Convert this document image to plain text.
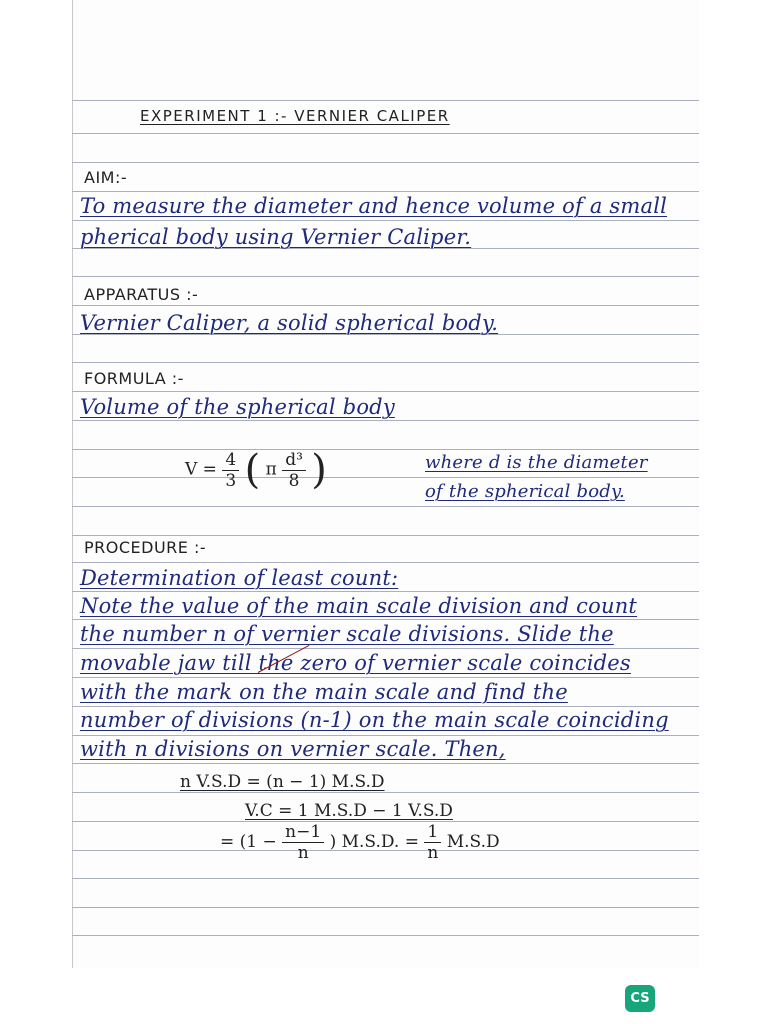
EXPERIMENT 1 :- VERNIER CALIPER
AIM:-
To measure the diameter and hence volume of a small
pherical body using Vernier Caliper.
APPARATUS :-
Vernier Caliper, a solid spherical body.
FORMULA :-
Volume of the spherical body
$V = \frac{4}{3}$ ( π $\frac{\text{d³}}{8}$ )	where d is the diameter
of the spherical body.
PROCEDURE :-
Determination of least count:
Note the value of the main scale division and count
the number n of vernier scale divisions. Slide the
movable jaw till the zero of vernier scale coincides
with the mark on the main scale and find the
number of divisions (n-1) on the main scale coinciding
with n divisions on vernier scale. Then,
n V.S.D = (n − 1) M.S.D
V.C = 1 M.S.D − 1 V.S.D
= ($1 - \frac{n-1}{n}$ ) M.S.D. = $\frac{1}{n} M.S.D$
CS
